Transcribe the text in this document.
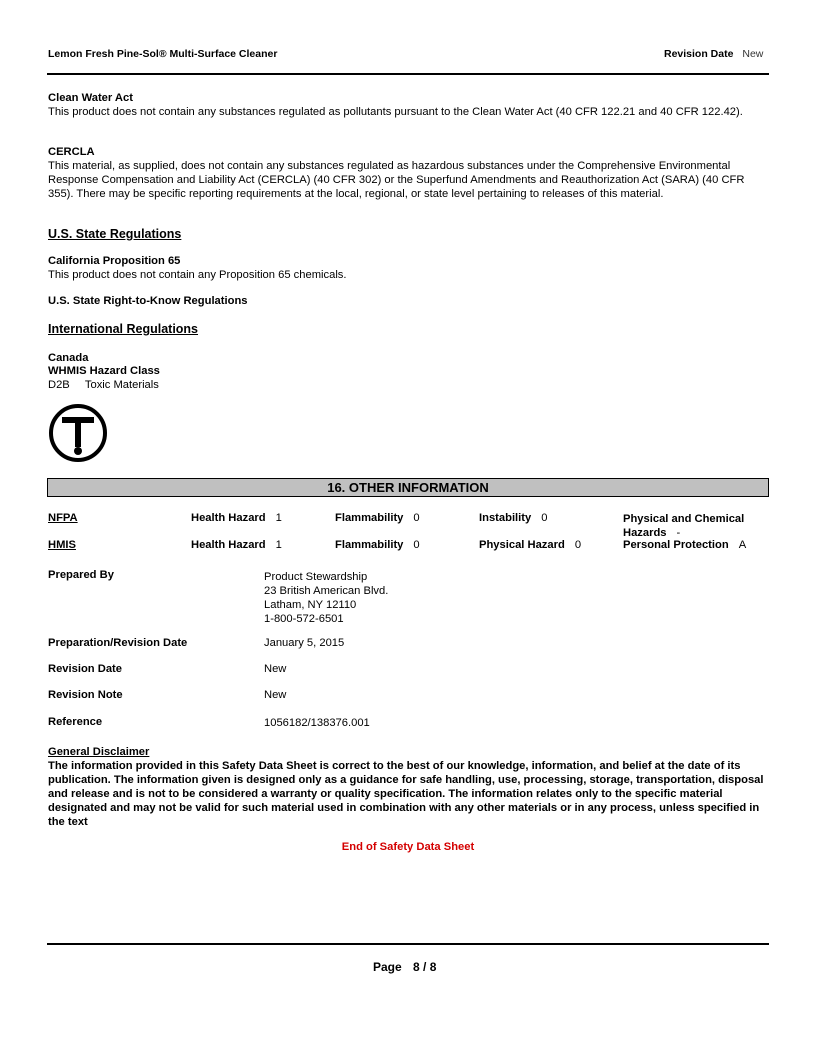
Lemon Fresh Pine-Sol® Multi-Surface Cleaner	Revision Date New
Clean Water Act
This product does not contain any substances regulated as pollutants pursuant to the Clean Water Act (40 CFR 122.21 and 40 CFR 122.42).
CERCLA
This material, as supplied, does not contain any substances regulated as hazardous substances under the Comprehensive Environmental Response Compensation and Liability Act (CERCLA) (40 CFR 302) or the Superfund Amendments and Reauthorization Act (SARA) (40 CFR 355). There may be specific reporting requirements at the local, regional, or state level pertaining to releases of this material.
U.S. State Regulations
California Proposition 65
This product does not contain any Proposition 65 chemicals.
U.S. State Right-to-Know Regulations
International Regulations
Canada
WHMIS Hazard Class
D2B Toxic Materials
16. OTHER INFORMATION
NFPA	Health Hazard 1	Flammability 0	Instability 0	Physical and Chemical
Hazards -
HMIS	Health Hazard 1	Flammability 0	Physical Hazard 0	Personal Protection A
Prepared By	Product Stewardship
23 British American Blvd.
Latham, NY 12110
1-800-572-6501
Preparation/Revision Date	January 5, 2015
Revision Date	New
Revision Note	New
Reference	1056182/138376.001
General Disclaimer
The information provided in this Safety Data Sheet is correct to the best of our knowledge, information, and belief at the date of its publication. The information given is designed only as a guidance for safe handling, use, processing, storage, transportation, disposal and release and is not to be considered a warranty or quality specification. The information relates only to the specific material designated and may not be valid for such material used in combination with any other materials or in any process, unless specified in the text
End of Safety Data Sheet
Page 8 / 8
